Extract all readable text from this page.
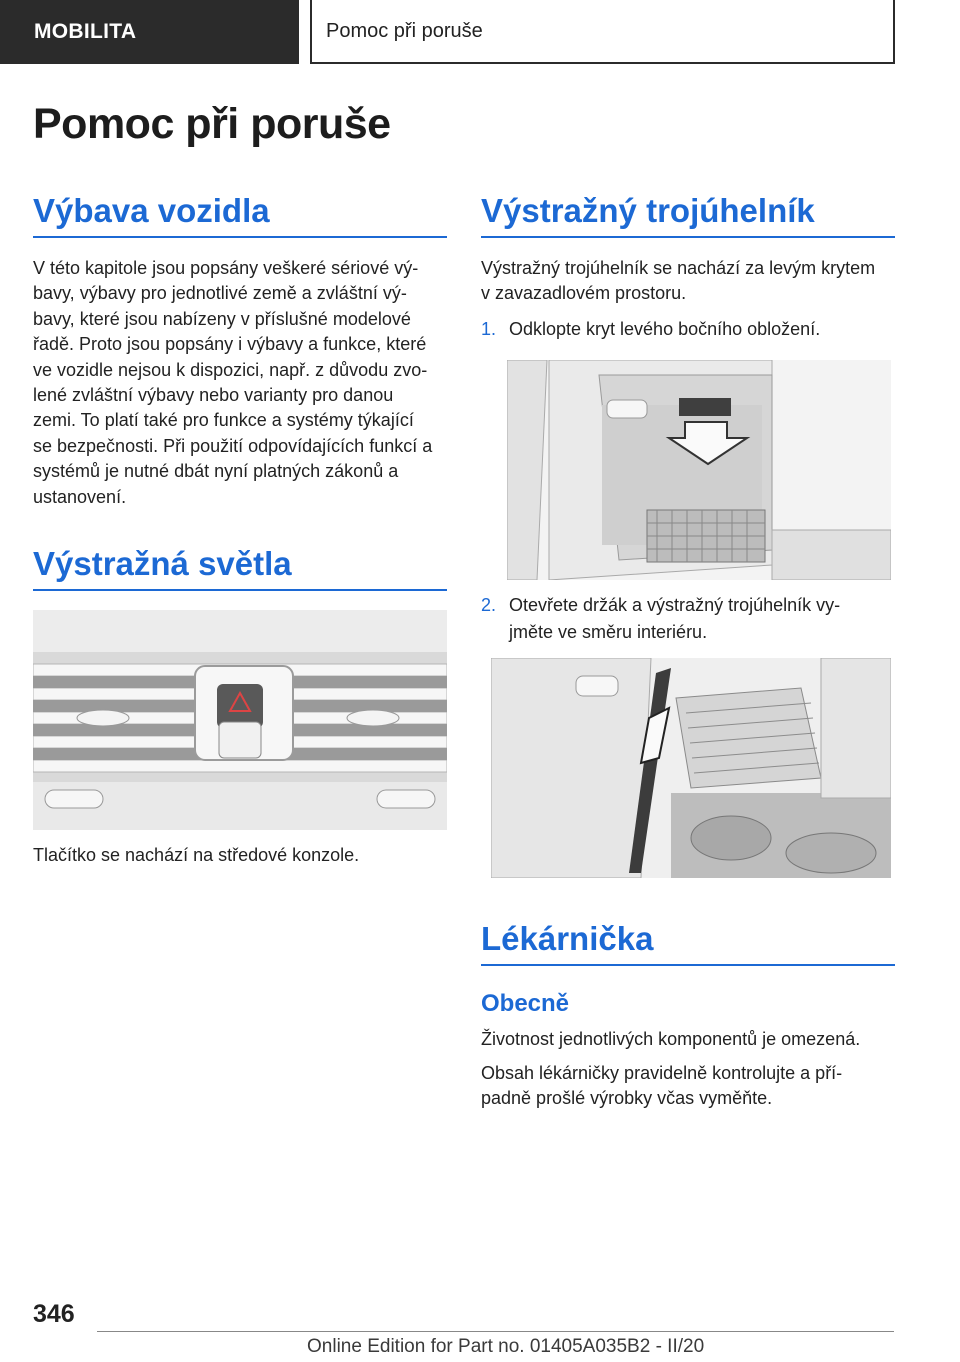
MOBILITA	Pomoc při poruše
Pomoc při poruše
Výbava vozidla

V této kapitole jsou popsány veškeré sériové vý‐
bavy, výbavy pro jednotlivé země a zvláštní vý‐
bavy, které jsou nabízeny v příslušné modelové
řadě. Proto jsou popsány i výbavy a funkce, které
ve vozidle nejsou k dispozici, např. z důvodu zvo‐
lené zvláštní výbavy nebo varianty pro danou
zemi. To platí také pro funkce a systémy týkající
se bezpečnosti. Při použití odpovídajících funkcí a
systémů je nutné dbát nyní platných zákonů a
ustanovení.

Výstražná světla

Tlačítko se nachází na středové konzole.

Výstražný trojúhelník

Výstražný trojúhelník se nachází za levým krytem
v zavazadlovém prostoru.

1. Odklopte kryt levého bočního obložení.
2. Otevřete držák a výstražný trojúhelník vy‐
jměte ve směru interiéru.
Lékárnička
Obecně

Životnost jednotlivých komponentů je omezená.

Obsah lékárničky pravidelně kontrolujte a pří‐
padně prošlé výrobky včas vyměňte.

346
Online Edition for Part no. 01405A035B2 - II/20
